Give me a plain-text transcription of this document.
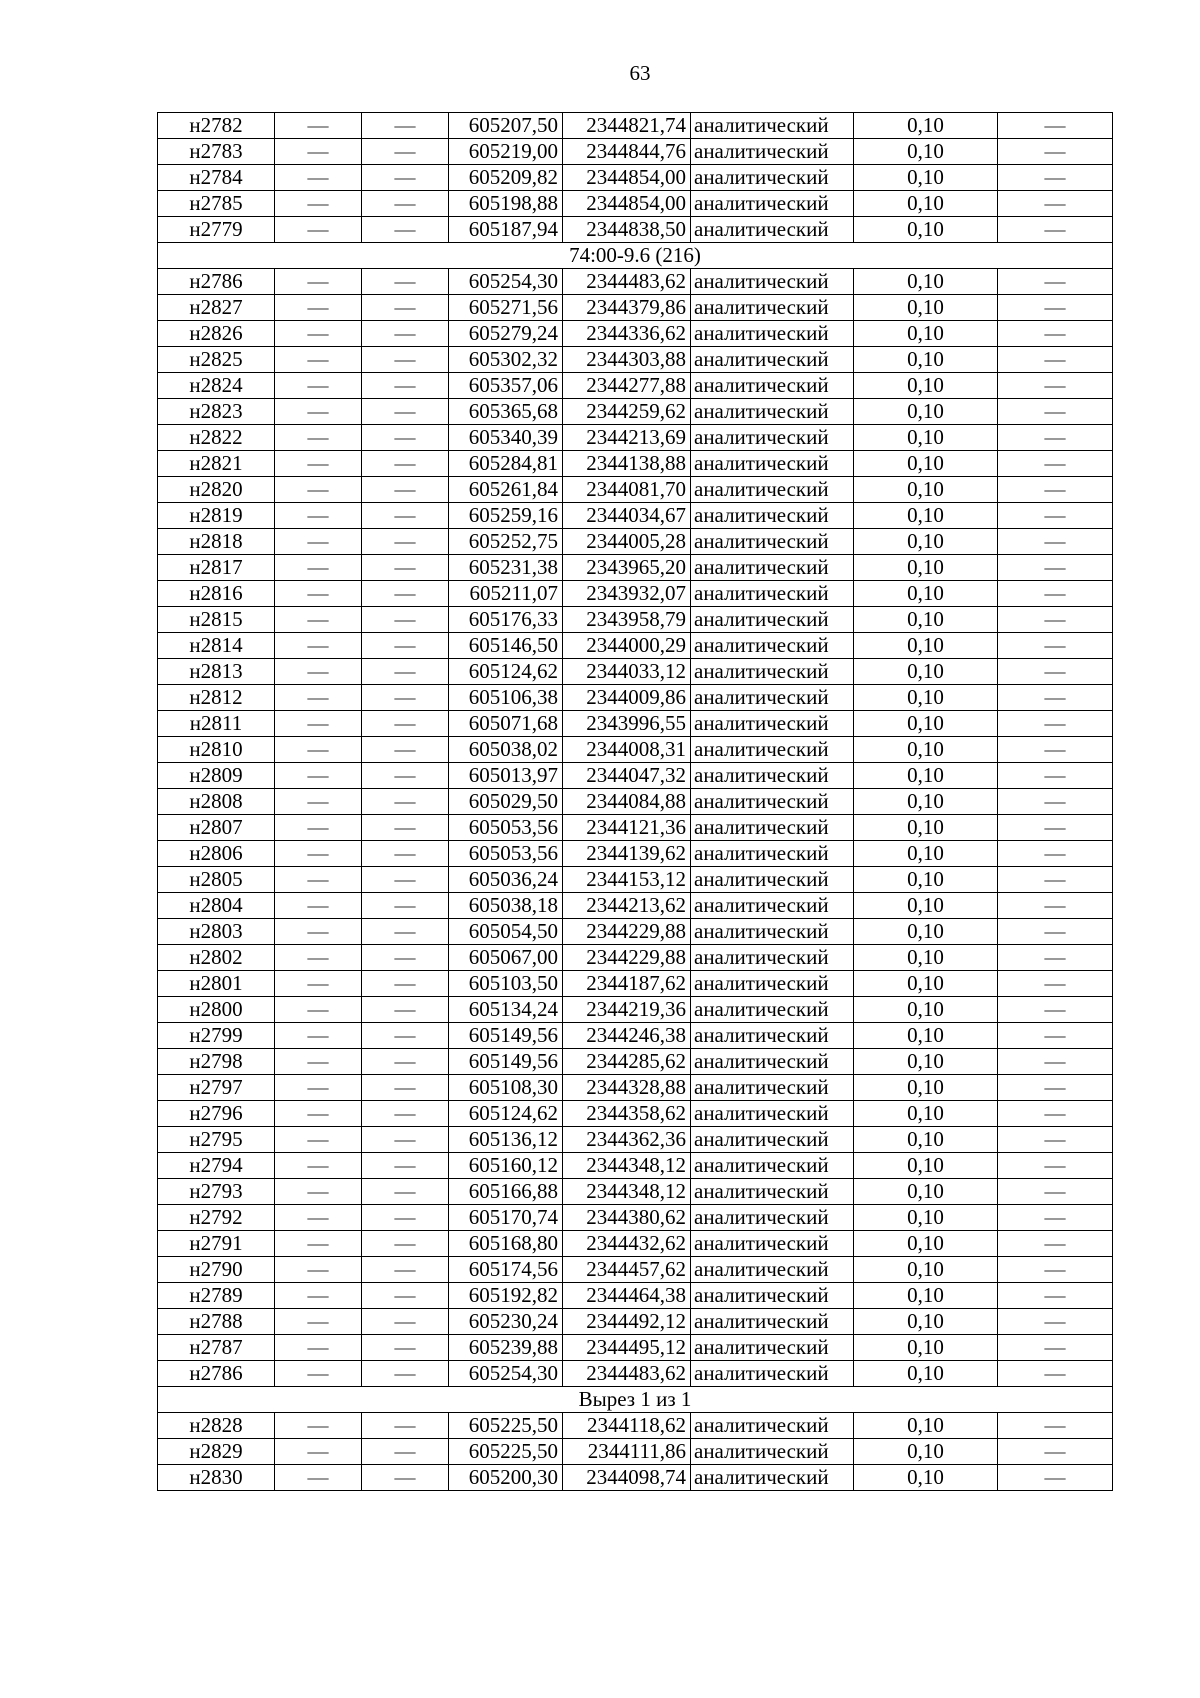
63
н2782	—	—	605207,50	2344821,74	аналитический	0,10	—
н2783	—	—	605219,00	2344844,76	аналитический	0,10	—
н2784	—	—	605209,82	2344854,00	аналитический	0,10	—
н2785	—	—	605198,88	2344854,00	аналитический	0,10	—
н2779	—	—	605187,94	2344838,50	аналитический	0,10	—
74:00-9.6 (216)							
н2786	—	—	605254,30	2344483,62	аналитический	0,10	—
н2827	—	—	605271,56	2344379,86	аналитический	0,10	—
н2826	—	—	605279,24	2344336,62	аналитический	0,10	—
н2825	—	—	605302,32	2344303,88	аналитический	0,10	—
н2824	—	—	605357,06	2344277,88	аналитический	0,10	—
н2823	—	—	605365,68	2344259,62	аналитический	0,10	—
н2822	—	—	605340,39	2344213,69	аналитический	0,10	—
н2821	—	—	605284,81	2344138,88	аналитический	0,10	—
н2820	—	—	605261,84	2344081,70	аналитический	0,10	—
н2819	—	—	605259,16	2344034,67	аналитический	0,10	—
н2818	—	—	605252,75	2344005,28	аналитический	0,10	—
н2817	—	—	605231,38	2343965,20	аналитический	0,10	—
н2816	—	—	605211,07	2343932,07	аналитический	0,10	—
н2815	—	—	605176,33	2343958,79	аналитический	0,10	—
н2814	—	—	605146,50	2344000,29	аналитический	0,10	—
н2813	—	—	605124,62	2344033,12	аналитический	0,10	—
н2812	—	—	605106,38	2344009,86	аналитический	0,10	—
н2811	—	—	605071,68	2343996,55	аналитический	0,10	—
н2810	—	—	605038,02	2344008,31	аналитический	0,10	—
н2809	—	—	605013,97	2344047,32	аналитический	0,10	—
н2808	—	—	605029,50	2344084,88	аналитический	0,10	—
н2807	—	—	605053,56	2344121,36	аналитический	0,10	—
н2806	—	—	605053,56	2344139,62	аналитический	0,10	—
н2805	—	—	605036,24	2344153,12	аналитический	0,10	—
н2804	—	—	605038,18	2344213,62	аналитический	0,10	—
н2803	—	—	605054,50	2344229,88	аналитический	0,10	—
н2802	—	—	605067,00	2344229,88	аналитический	0,10	—
н2801	—	—	605103,50	2344187,62	аналитический	0,10	—
н2800	—	—	605134,24	2344219,36	аналитический	0,10	—
н2799	—	—	605149,56	2344246,38	аналитический	0,10	—
н2798	—	—	605149,56	2344285,62	аналитический	0,10	—
н2797	—	—	605108,30	2344328,88	аналитический	0,10	—
н2796	—	—	605124,62	2344358,62	аналитический	0,10	—
н2795	—	—	605136,12	2344362,36	аналитический	0,10	—
н2794	—	—	605160,12	2344348,12	аналитический	0,10	—
н2793	—	—	605166,88	2344348,12	аналитический	0,10	—
н2792	—	—	605170,74	2344380,62	аналитический	0,10	—
н2791	—	—	605168,80	2344432,62	аналитический	0,10	—
н2790	—	—	605174,56	2344457,62	аналитический	0,10	—
н2789	—	—	605192,82	2344464,38	аналитический	0,10	—
н2788	—	—	605230,24	2344492,12	аналитический	0,10	—
н2787	—	—	605239,88	2344495,12	аналитический	0,10	—
н2786	—	—	605254,30	2344483,62	аналитический	0,10	—
Вырез 1 из 1							
н2828	—	—	605225,50	2344118,62	аналитический	0,10	—
н2829	—	—	605225,50	2344111,86	аналитический	0,10	—
н2830	—	—	605200,30	2344098,74	аналитический	0,10	—
